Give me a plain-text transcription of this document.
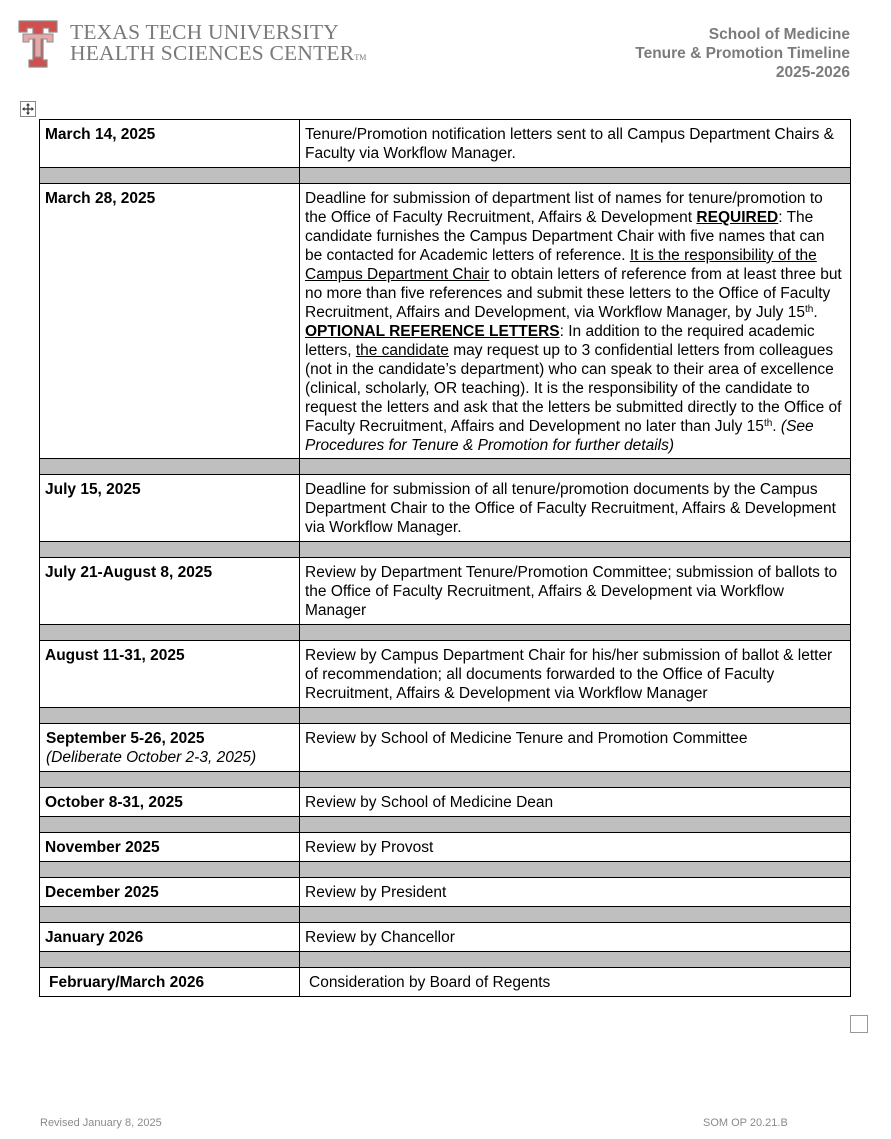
TEXAS TECH UNIVERSITY
HEALTH SCIENCES CENTERTM
School of Medicine
Tenure & Promotion Timeline
2025-2026
March 14, 2025	Tenure/Promotion notification letters sent to all Campus Department Chairs & Faculty via Workflow Manager.

March 28, 2025	Deadline for submission of department list of names for tenure/promotion to the Office of Faculty Recruitment, Affairs & Development REQUIRED: The candidate furnishes the Campus Department Chair with five names that can be contacted for Academic letters of reference. It is the responsibility of the Campus Department Chair to obtain letters of reference from at least three but no more than five references and submit these letters to the Office of Faculty Recruitment, Affairs and Development, via Workflow Manager, by July 15th.
OPTIONAL REFERENCE LETTERS: In addition to the required academic letters, the candidate may request up to 3 confidential letters from colleagues (not in the candidate’s department) who can speak to their area of excellence (clinical, scholarly, OR teaching). It is the responsibility of the candidate to request the letters and ask that the letters be submitted directly to the Office of Faculty Recruitment, Affairs and Development no later than July 15th. (See Procedures for Tenure & Promotion for further details)

July 15, 2025	Deadline for submission of all tenure/promotion documents by the Campus Department Chair to the Office of Faculty Recruitment, Affairs & Development via Workflow Manager.

July 21-August 8, 2025	Review by Department Tenure/Promotion Committee; submission of ballots to the Office of Faculty Recruitment, Affairs & Development via Workflow Manager

August 11-31, 2025	Review by Campus Department Chair for his/her submission of ballot & letter of recommendation; all documents forwarded to the Office of Faculty Recruitment, Affairs & Development via Workflow Manager

September 5-26, 2025
(Deliberate October 2-3, 2025)	Review by School of Medicine Tenure and Promotion Committee

October 8-31, 2025	Review by School of Medicine Dean

November 2025	Review by Provost

December 2025	Review by President

January 2026	Review by Chancellor

February/March 2026	Consideration by Board of Regents
Revised January 8, 2025	SOM OP 20.21.B
